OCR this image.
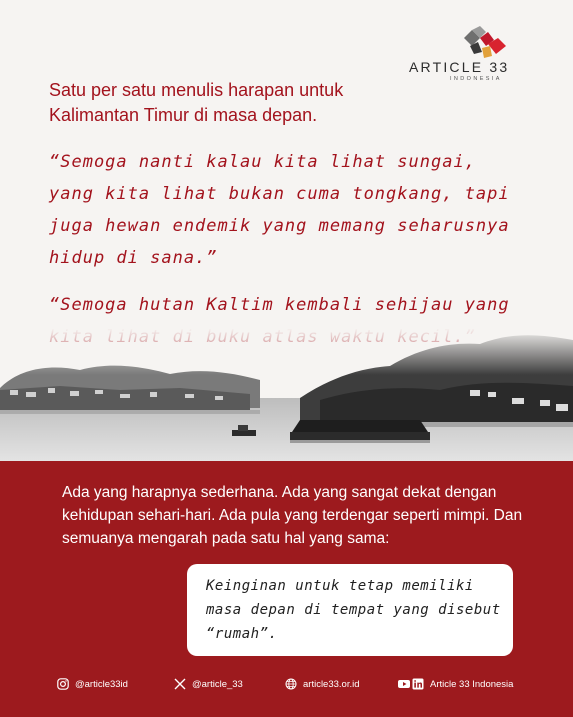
ARTICLE 33
INDONESIA
Satu per satu menulis harapan untuk Kalimantan Timur di masa depan.
“Semoga nanti kalau kita lihat sungai, yang kita lihat bukan cuma tongkang, tapi juga hewan endemik yang memang seharusnya hidup di sana.”
“Semoga hutan Kaltim kembali sehijau yang
Ada yang harapnya sederhana. Ada yang sangat dekat dengan kehidupan sehari-hari. Ada pula yang terdengar seperti mimpi. Dan semuanya mengarah pada satu hal yang sama:
Keinginan untuk tetap memiliki masa depan di tempat yang disebut “rumah”.
@article33id	@article_33	article33.or.id	Article 33 Indonesia
